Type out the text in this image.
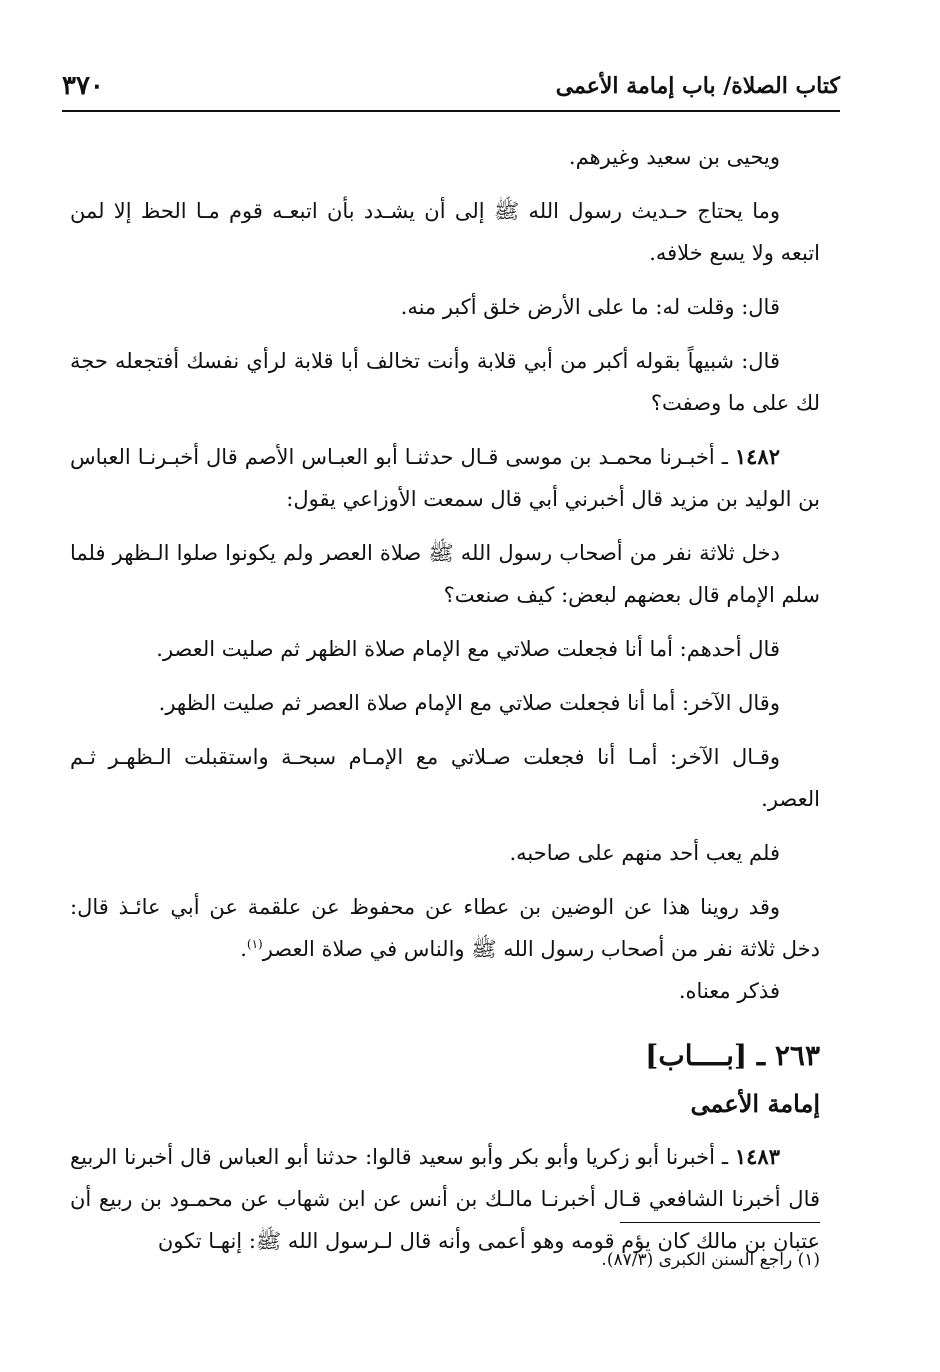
كتاب الصلاة/ باب إمامة الأعمى
٣٧٠

ويحيى بن سعيد وغيرهم.

وما يحتاج حـديث رسول الله ﷺ إلى أن يشـدد بأن اتبعـه قوم مـا الحظ إلا لمن اتبعه ولا يسع خلافه.

قال: وقلت له: ما على الأرض خلق أكبر منه.

قال: شبيهاً بقوله أكبر من أبي قلابة وأنت تخالف أبا قلابة لرأي نفسك أفتجعله حجة لك على ما وصفت؟

١٤٨٢ ـ أخبـرنا محمـد بن موسى قـال حدثنـا أبو العبـاس الأصم قال أخبـرنـا العباس بن الوليد بن مزيد قال أخبرني أبي قال سمعت الأوزاعي يقول:

دخل ثلاثة نفر من أصحاب رسول الله ﷺ صلاة العصر ولم يكونوا صلوا الـظهر فلما سلم الإمام قال بعضهم لبعض: كيف صنعت؟

قال أحدهم: أما أنا فجعلت صلاتي مع الإمام صلاة الظهر ثم صليت العصر.

وقال الآخر: أما أنا فجعلت صلاتي مع الإمام صلاة العصر ثم صليت الظهر.

وقـال الآخر: أمـا أنا فجعلت صـلاتي مع الإمـام سبحـة واستقبلت الـظهـر ثـم العصر.

فلم يعب أحد منهم على صاحبه.

وقد روينا هذا عن الوضين بن عطاء عن محفوظ عن علقمة عن أبي عائـذ قال: دخل ثلاثة نفر من أصحاب رسول الله ﷺ والناس في صلاة العصر$^{(١)}$.

فذكر معناه.

٢٦٣ ـ [بــــاب]
إمامة الأعمى

١٤٨٣ ـ أخبرنا أبو زكريا وأبو بكر وأبو سعيد قالوا: حدثنا أبو العباس قال أخبرنا الربيع قال أخبرنا الشافعي قـال أخبرنـا مالـك بن أنس عن ابن شهاب عن محمـود بن ربيع أن عتبان بن مالك كان يؤم قومه وهو أعمى وأنه قال لـرسول الله ﷺ: إنهـا تكون

(١) راجع السنن الكبرى (٨٧/٣).
